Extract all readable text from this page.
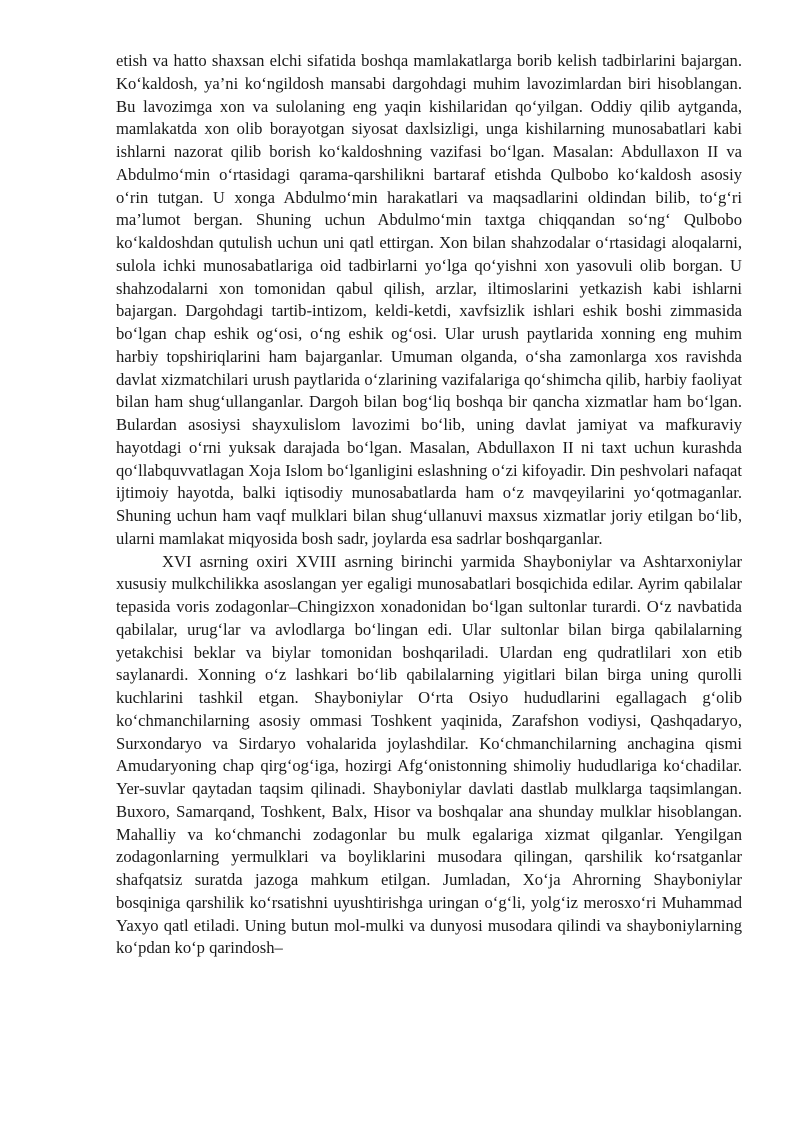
etish va hatto shaxsan elchi sifatida boshqa mamlakatlarga borib kelish tadbirlarini bajargan. Koʻkaldosh, ya’ni koʻngildosh mansabi dargohdagi muhim lavozimlardan biri hisoblangan. Bu lavozimga xon va sulolaning eng yaqin kishilaridan qoʻyilgan. Oddiy qilib aytganda, mamlakatda xon olib borayotgan siyosat daxlsizligi, unga kishilarning munosabatlari kabi ishlarni nazorat qilib borish koʻkaldoshning vazifasi boʻlgan. Masalan: Abdullaxon II va Abdulmoʻmin oʻrtasidagi qarama-qarshilikni bartaraf etishda Qulbobo koʻkaldosh asosiy oʻrin tutgan. U xonga Abdulmoʻmin harakatlari va maqsadlarini oldindan bilib, toʻgʻri ma’lumot bergan. Shuning uchun Abdulmoʻmin taxtga chiqqandan soʻng‘ Qulbobo koʻkaldoshdan qutulish uchun uni qatl ettirgan. Xon bilan shahzodalar oʻrtasidagi aloqalarni, sulola ichki munosabatlariga oid tadbirlarni yoʻlga qoʻyishni xon yasovuli olib borgan. U shahzodalarni xon tomonidan qabul qilish, arzlar, iltimoslarini yetkazish kabi ishlarni bajargan. Dargohdagi tartib-intizom, keldi-ketdi, xavfsizlik ishlari eshik boshi zimmasida boʻlgan chap eshik ogʻosi, oʻng eshik ogʻosi. Ular urush paytlarida xonning eng muhim harbiy topshiriqlarini ham bajarganlar. Umuman olganda, oʻsha zamonlarga xos ravishda davlat xizmatchilari urush paytlarida oʻzlarining vazifalariga qoʻshimcha qilib, harbiy faoliyat bilan ham shugʻullanganlar. Dargoh bilan bogʻliq boshqa bir qancha xizmatlar ham boʻlgan. Bulardan asosiysi shayxulislom lavozimi boʻlib, uning davlat jamiyat va mafkuraviy hayotdagi oʻrni yuksak darajada boʻlgan. Masalan, Abdullaxon II ni taxt uchun kurashda qoʻllabquvvatlagan Xoja Islom boʻlganligini eslashning oʻzi kifoyadir. Din peshvolari nafaqat ijtimoiy hayotda, balki iqtisodiy munosabatlarda ham oʻz mavqeyilarini yoʻqotmaganlar. Shuning uchun ham vaqf mulklari bilan shugʻullanuvi maxsus xizmatlar joriy etilgan boʻlib, ularni mamlakat miqyosida bosh sadr, joylarda esa sadrlar boshqarganlar.

XVI asrning oxiri XVIII asrning birinchi yarmida Shayboniylar va Ashtarxoniylar xususiy mulkchilikka asoslangan yer egaligi munosabatlari bosqichida edilar. Ayrim qabilalar tepasida voris zodagonlar–Chingizxon xonadonidan boʻlgan sultonlar turardi. Oʻz navbatida qabilalar, urugʻlar va avlodlarga boʻlingan edi. Ular sultonlar bilan birga qabilalarning yetakchisi beklar va biylar tomonidan boshqariladi. Ulardan eng qudratlilari xon etib saylanardi. Xonning oʻz lashkari boʻlib qabilalarning yigitlari bilan birga uning qurolli kuchlarini tashkil etgan. Shayboniylar Oʻrta Osiyo hududlarini egallagach gʻolib koʻchmanchilarning asosiy ommasi Toshkent yaqinida, Zarafshon vodiysi, Qashqadaryo, Surxondaryo va Sirdaryo vohalarida joylashdilar. Koʻchmanchilarning anchagina qismi Amudaryoning chap qirgʻogʻiga, hozirgi Afgʻonistonning shimoliy hududlariga koʻchadilar. Yer-suvlar qaytadan taqsim qilinadi. Shayboniylar davlati dastlab mulklarga taqsimlangan. Buxoro, Samarqand, Toshkent, Balx, Hisor va boshqalar ana shunday mulklar hisoblangan. Mahalliy va koʻchmanchi zodagonlar bu mulk egalariga xizmat qilganlar. Yengilgan zodagonlarning yermulklari va boyliklarini musodara qilingan, qarshilik koʻrsatganlar shafqatsiz suratda jazoga mahkum etilgan. Jumladan, Xoʻja Ahrorning Shayboniylar bosqiniga qarshilik koʻrsatishni uyushtirishga uringan oʻgʻli, yolgʻiz merosxoʻri Muhammad Yaxyo qatl etiladi. Uning butun mol-mulki va dunyosi musodara qilindi va shayboniylarning koʻpdan koʻp qarindosh–
